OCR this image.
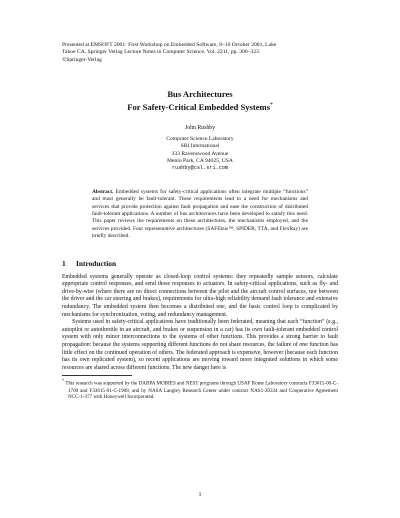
Presented at EMSOFT 2001: First Workshop on Embedded Software, 8–10 October 2001, Lake
Tahoe CA. Springer Verlag Lecture Notes in Computer Science, Vol. 2211, pp. 306–323.
©Springer-Verlag
Bus Architectures
For Safety-Critical Embedded Systems*
John Rushby
Computer Science Laboratory
SRI International
333 Ravenswood Avenue
Menlo Park, CA 94025, USA
rushby@csl.sri.com
Abstract. Embedded systems for safety-critical applications often integrate multiple “functions” and must generally be fault-tolerant. These requirements lead to a need for mechanisms and services that provide protection against fault propagation and ease the construction of distributed fault-tolerant applications. A number of bus architectures have been developed to satisfy this need. This paper reviews the requirements on these architectures, the mechanisms employed, and the services provided. Four representative architectures (SAFEbus™, SPIDER, TTA, and FlexRay) are briefly described.
1 Introduction

Embedded systems generally operate as closed-loop control systems: they repeatedly sample sensors, calculate appropriate control responses, and send those responses to actuators. In safety-critical applications, such as fly- and drive-by-wire (where there are no direct connections between the pilot and the aircraft control surfaces, nor between the driver and the car steering and brakes), requirements for ultra-high reliability demand fault tolerance and extensive redundancy. The embedded system then becomes a distributed one, and the basic control loop is complicated by mechanisms for synchronization, voting, and redundancy management.

Systems used in safety-critical applications have traditionally been federated, meaning that each “function” (e.g., autopilot or autothrottle in an aircraft, and brakes or suspension in a car) has its own fault-tolerant embedded control system with only minor interconnections to the systems of other functions. This provides a strong barrier to fault propagation: because the systems supporting different functions do not share resources, the failure of one function has little effect on the continued operation of others. The federated approach is expensive, however (because each function has its own replicated system), so recent applications are moving toward more integrated solutions in which some resources are shared across different functions. The new danger here is

* This research was supported by the DARPA MOBIES and NEST programs through USAF Rome Laboratory contracts F33615-00-C-1700 and F33615-01-C-1908, and by NASA Langley Research Center under contract NAS1-20334 and Cooperative Agreement NCC-1-377 with Honeywell Incorporated.
1
